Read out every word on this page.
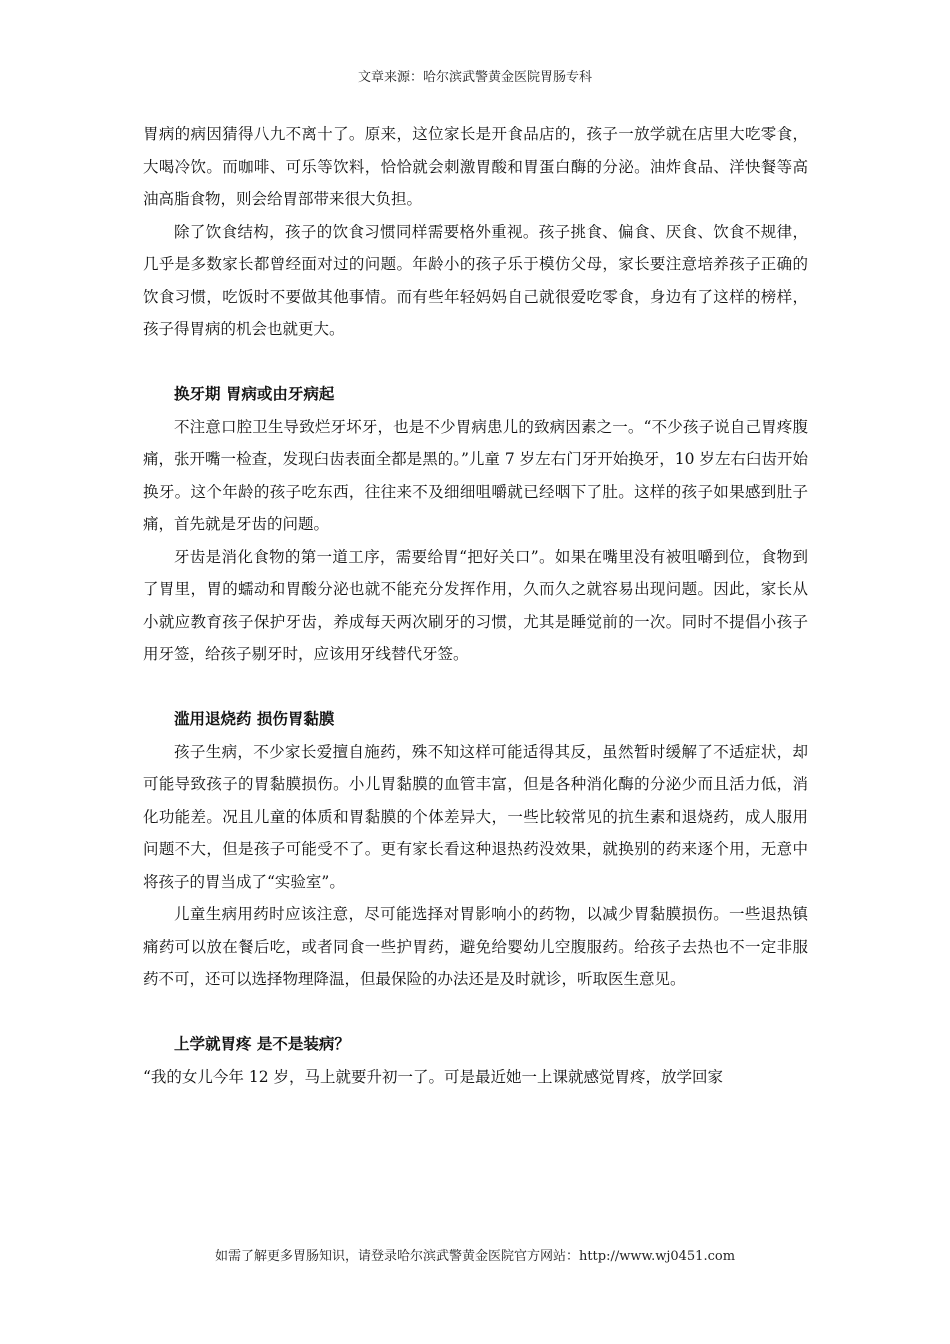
文章来源：哈尔滨武警黄金医院胃肠专科

胃病的病因猜得八九不离十了。原来，这位家长是开食品店的，孩子一放学就在店里大吃零食，大喝冷饮。而咖啡、可乐等饮料，恰恰就会刺激胃酸和胃蛋白酶的分泌。油炸食品、洋快餐等高油高脂食物，则会给胃部带来很大负担。

除了饮食结构，孩子的饮食习惯同样需要格外重视。孩子挑食、偏食、厌食、饮食不规律，几乎是多数家长都曾经面对过的问题。年龄小的孩子乐于模仿父母，家长要注意培养孩子正确的饮食习惯，吃饭时不要做其他事情。而有些年轻妈妈自己就很爱吃零食，身边有了这样的榜样，孩子得胃病的机会也就更大。

换牙期 胃病或由牙病起

不注意口腔卫生导致烂牙坏牙，也是不少胃病患儿的致病因素之一。“不少孩子说自己胃疼腹痛，张开嘴一检查，发现臼齿表面全都是黑的。”儿童 7 岁左右门牙开始换牙，10 岁左右臼齿开始换牙。这个年龄的孩子吃东西，往往来不及细细咀嚼就已经咽下了肚。这样的孩子如果感到肚子痛，首先就是牙齿的问题。

牙齿是消化食物的第一道工序，需要给胃“把好关口”。如果在嘴里没有被咀嚼到位，食物到了胃里，胃的蠕动和胃酸分泌也就不能充分发挥作用，久而久之就容易出现问题。因此，家长从小就应教育孩子保护牙齿，养成每天两次刷牙的习惯，尤其是睡觉前的一次。同时不提倡小孩子用牙签，给孩子剔牙时，应该用牙线替代牙签。

滥用退烧药 损伤胃黏膜

孩子生病，不少家长爱擅自施药，殊不知这样可能适得其反，虽然暂时缓解了不适症状，却可能导致孩子的胃黏膜损伤。小儿胃黏膜的血管丰富，但是各种消化酶的分泌少而且活力低，消化功能差。况且儿童的体质和胃黏膜的个体差异大，一些比较常见的抗生素和退烧药，成人服用问题不大，但是孩子可能受不了。更有家长看这种退热药没效果，就换别的药来逐个用，无意中将孩子的胃当成了“实验室”。

儿童生病用药时应该注意，尽可能选择对胃影响小的药物，以减少胃黏膜损伤。一些退热镇痛药可以放在餐后吃，或者同食一些护胃药，避免给婴幼儿空腹服药。给孩子去热也不一定非服药不可，还可以选择物理降温，但最保险的办法还是及时就诊，听取医生意见。

上学就胃疼 是不是装病？

“我的女儿今年 12 岁，马上就要升初一了。可是最近她一上课就感觉胃疼，放学回家

如需了解更多胃肠知识，请登录哈尔滨武警黄金医院官方网站：http://www.wj0451.com
